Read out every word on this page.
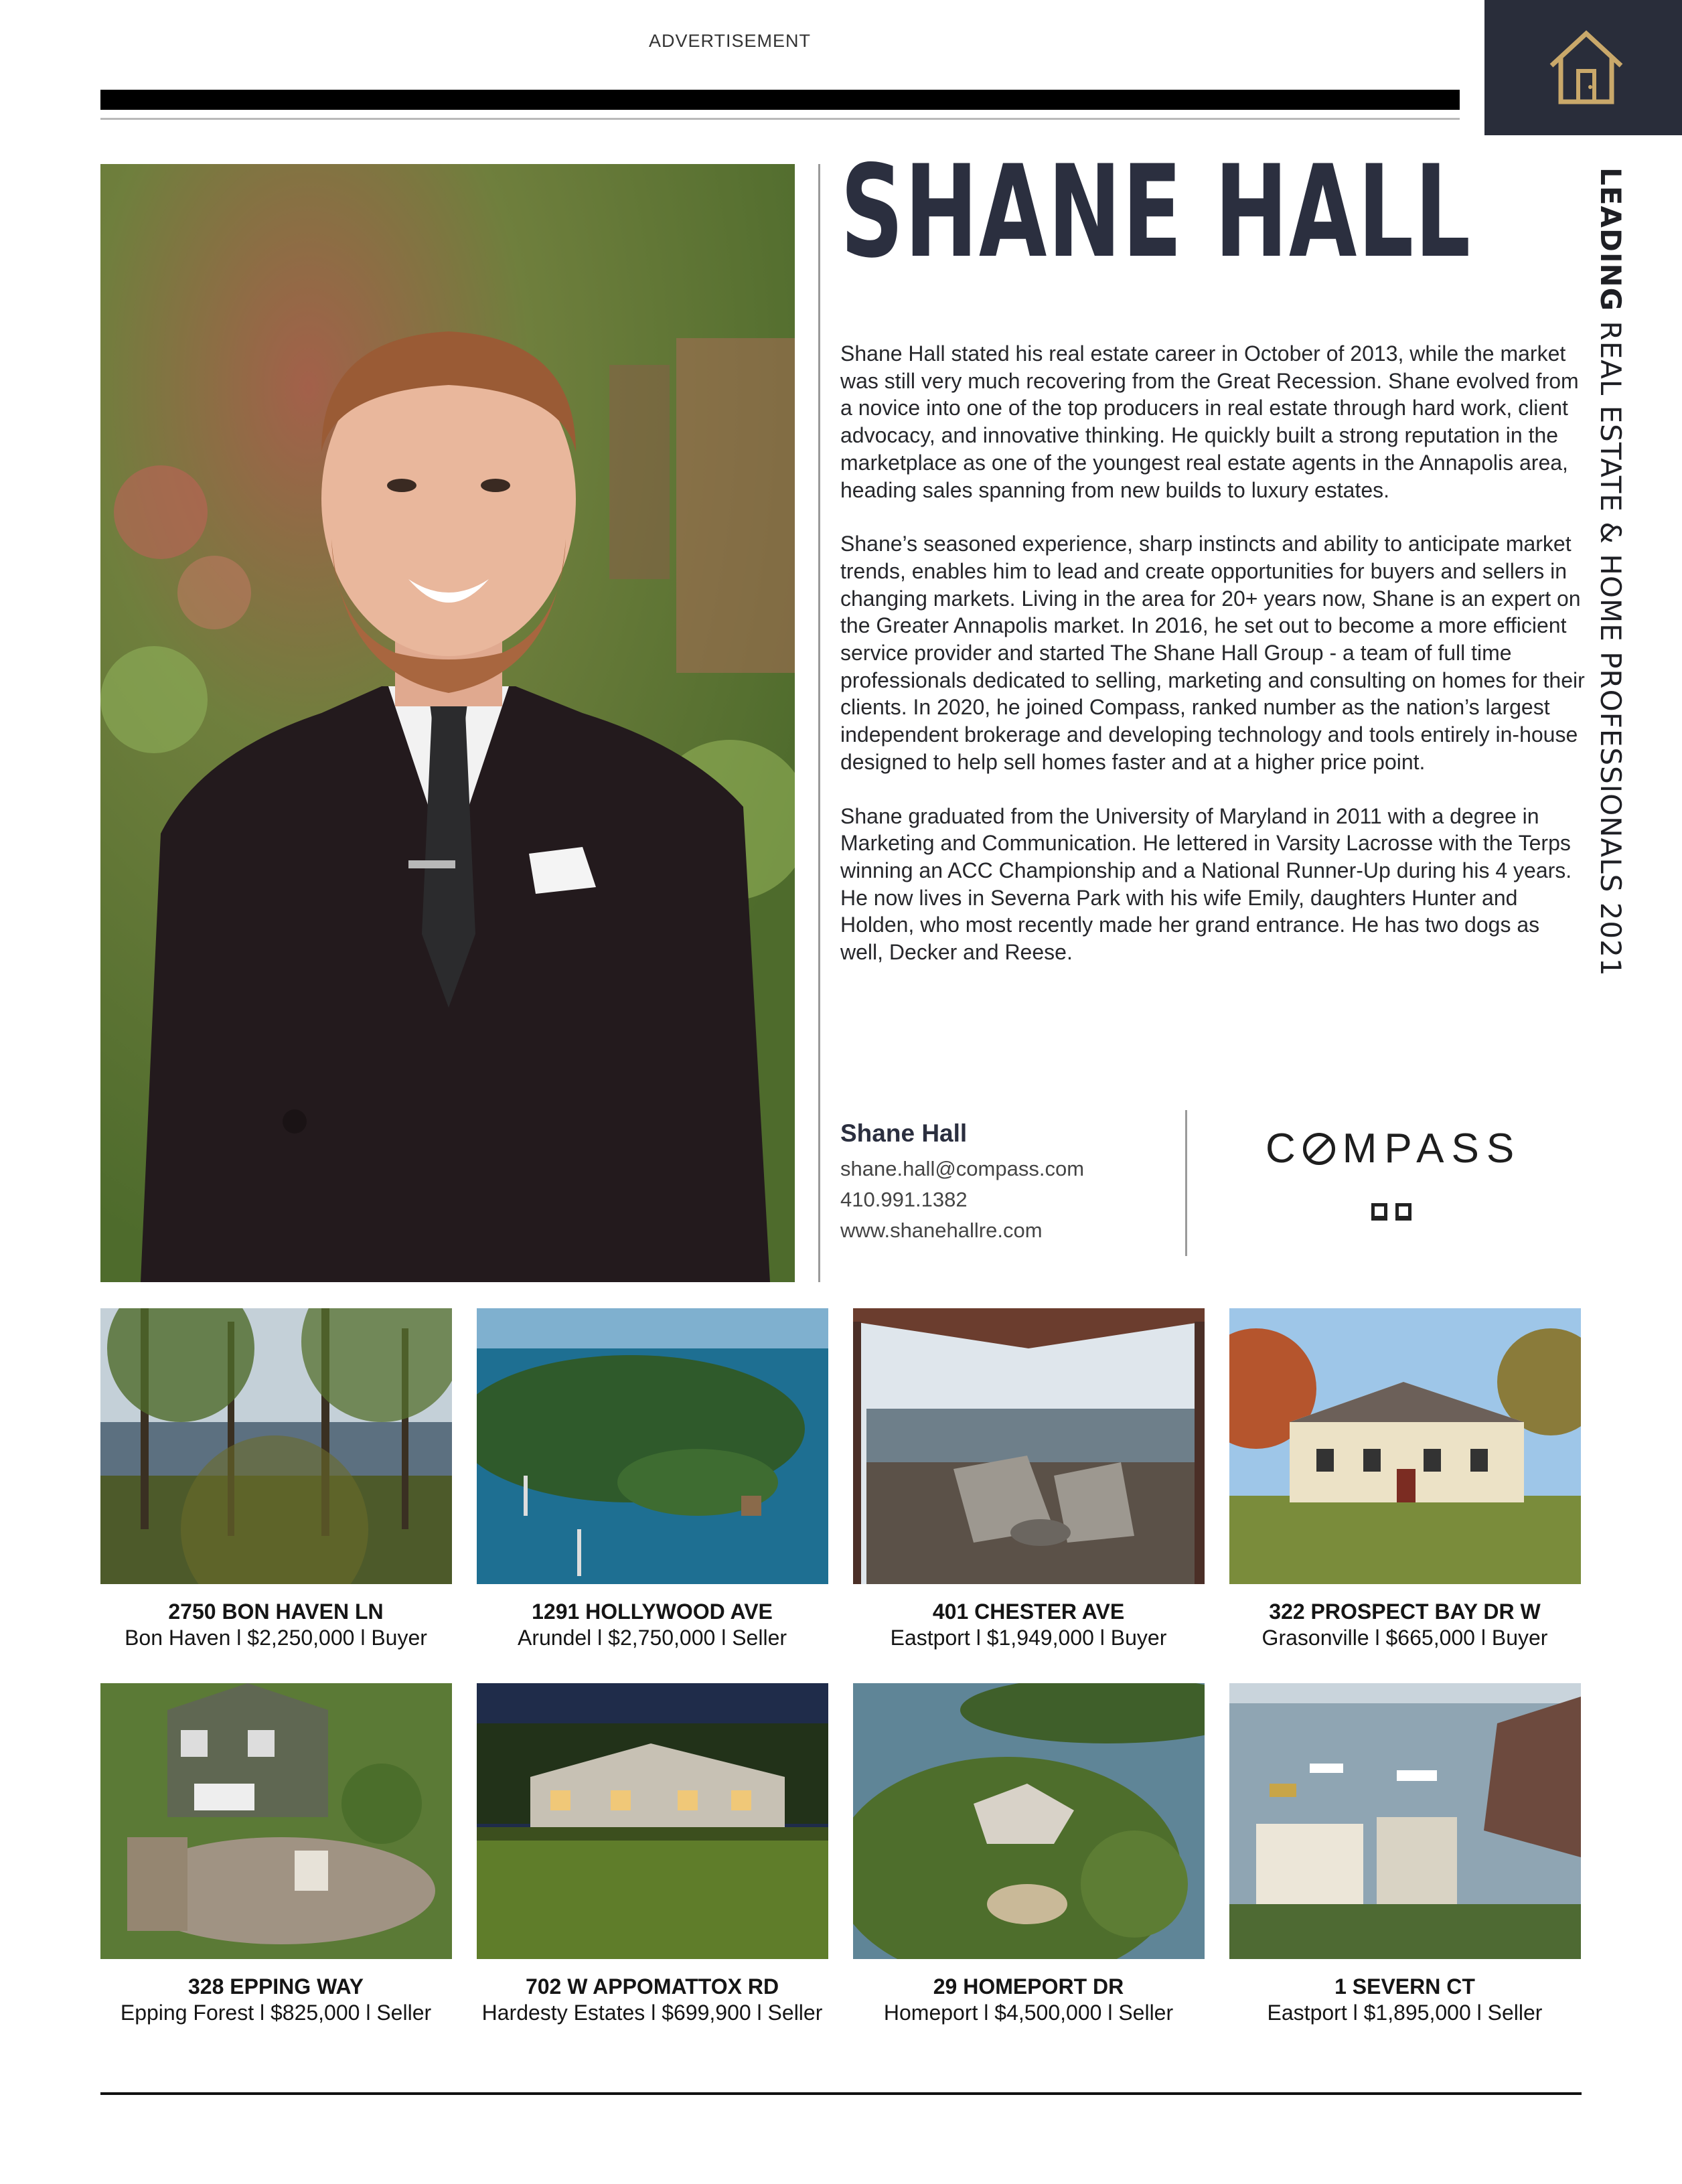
ADVERTISEMENT
LEADING REAL ESTATE & HOME PROFESSIONALS 2021
SHANE HALL

Shane Hall stated his real estate career in October of 2013, while the market was still very much recovering from the Great Recession. Shane evolved from a novice into one of the top producers in real estate through hard work, client advocacy, and innovative thinking. He quickly built a strong reputation in the marketplace as one of the youngest real estate agents in the Annapolis area, heading sales spanning from new builds to luxury estates.

Shane’s seasoned experience, sharp instincts and ability to anticipate market trends, enables him to lead and create opportunities for buyers and sellers in changing markets. Living in the area for 20+ years now, Shane is an expert on the Greater Annapolis market. In 2016, he set out to become a more efficient service provider and started The Shane Hall Group - a team of full time professionals dedicated to selling, marketing and consulting on homes for their clients. In 2020, he joined Compass, ranked number as the nation’s largest independent brokerage and developing technology and tools entirely in-house designed to help sell homes faster and at a higher price point.

Shane graduated from the University of Maryland in 2011 with a degree in Marketing and Communication. He lettered in Varsity Lacrosse with the Terps winning an ACC Championship and a National Runner-Up during his 4 years. He now lives in Severna Park with his wife Emily, daughters Hunter and Holden, who most recently made her grand entrance. He has two dogs as well, Decker and Reese.

Shane Hall
shane.hall@compass.com
410.991.1382
www.shanehallre.com
C MPASS
2750 BON HAVEN LN
Bon Haven l $2,250,000 l Buyer
1291 HOLLYWOOD AVE
Arundel l $2,750,000 l Seller
401 CHESTER AVE
Eastport l $1,949,000 l Buyer
322 PROSPECT BAY DR W
Grasonville l $665,000 l Buyer
328 EPPING WAY
Epping Forest l $825,000 l Seller
702 W APPOMATTOX RD
Hardesty Estates l $699,900 l Seller
29 HOMEPORT DR
Homeport l $4,500,000 l Seller
1 SEVERN CT
Eastport l $1,895,000 l Seller
